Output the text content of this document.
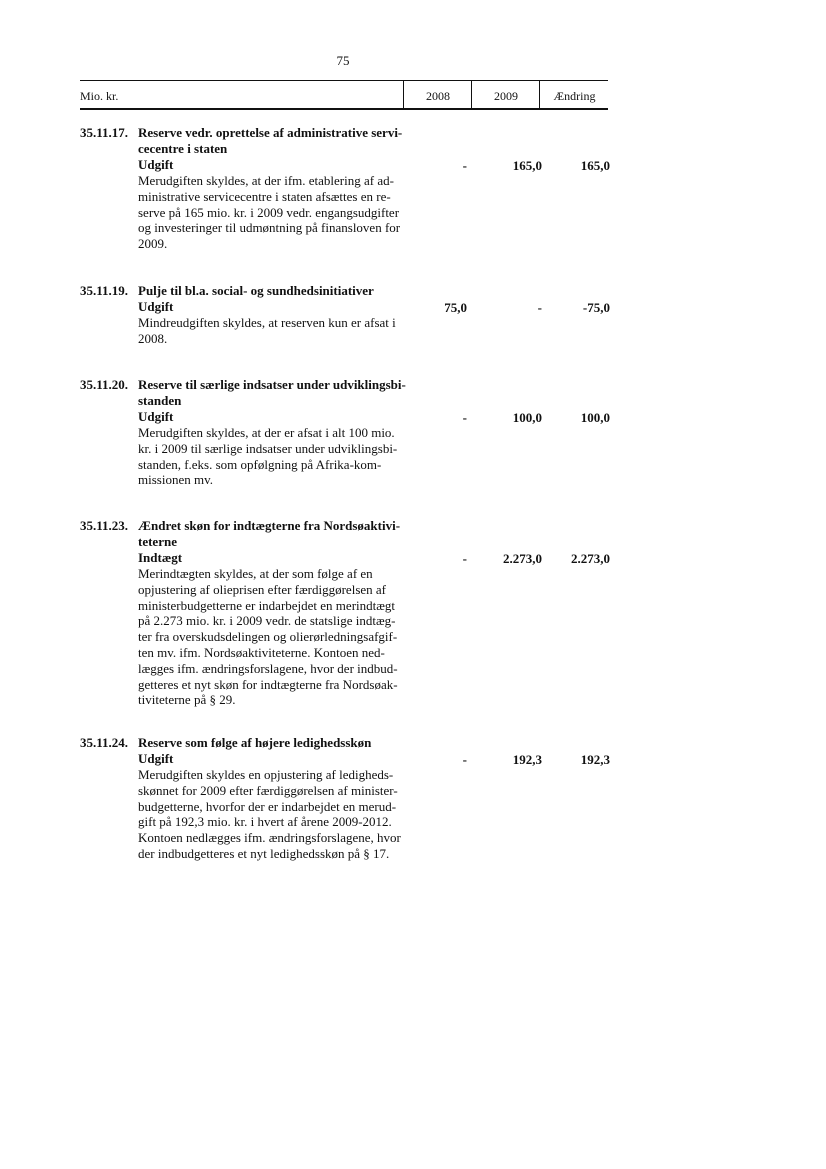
75
Mio. kr.	2008	2009	Ændring
35.11.17. Reserve vedr. oprettelse af administrative servi-
cecentre i staten
Udgift	-	165,0	165,0
Merudgiften skyldes, at der ifm. etablering af ad-
ministrative servicecentre i staten afsættes en re-
serve på 165 mio. kr. i 2009 vedr. engangsudgifter
og investeringer til udmøntning på finansloven for
2009.
35.11.19. Pulje til bl.a. social- og sundhedsinitiativer
Udgift	75,0	-	-75,0
Mindreudgiften skyldes, at reserven kun er afsat i
2008.
35.11.20. Reserve til særlige indsatser under udviklingsbi-
standen
Udgift	-	100,0	100,0
Merudgiften skyldes, at der er afsat i alt 100 mio.
kr. i 2009 til særlige indsatser under udviklingsbi-
standen, f.eks. som opfølgning på Afrika-kom-
missionen mv.
35.11.23. Ændret skøn for indtægterne fra Nordsøaktivi-
teterne
Indtægt	-	2.273,0	2.273,0
Merindtægten skyldes, at der som følge af en
opjustering af olieprisen efter færdiggørelsen af
ministerbudgetterne er indarbejdet en merindtægt
på 2.273 mio. kr. i 2009 vedr. de statslige indtæg-
ter fra overskudsdelingen og olierørledningsafgif-
ten mv. ifm. Nordsøaktiviteterne. Kontoen ned-
lægges ifm. ændringsforslagene, hvor der indbud-
getteres et nyt skøn for indtægterne fra Nordsøak-
tiviteterne på § 29.
35.11.24. Reserve som følge af højere ledighedsskøn
Udgift	-	192,3	192,3
Merudgiften skyldes en opjustering af ledigheds-
skønnet for 2009 efter færdiggørelsen af minister-
budgetterne, hvorfor der er indarbejdet en merud-
gift på 192,3 mio. kr. i hvert af årene 2009-2012.
Kontoen nedlægges ifm. ændringsforslagene, hvor
der indbudgetteres et nyt ledighedsskøn på § 17.
